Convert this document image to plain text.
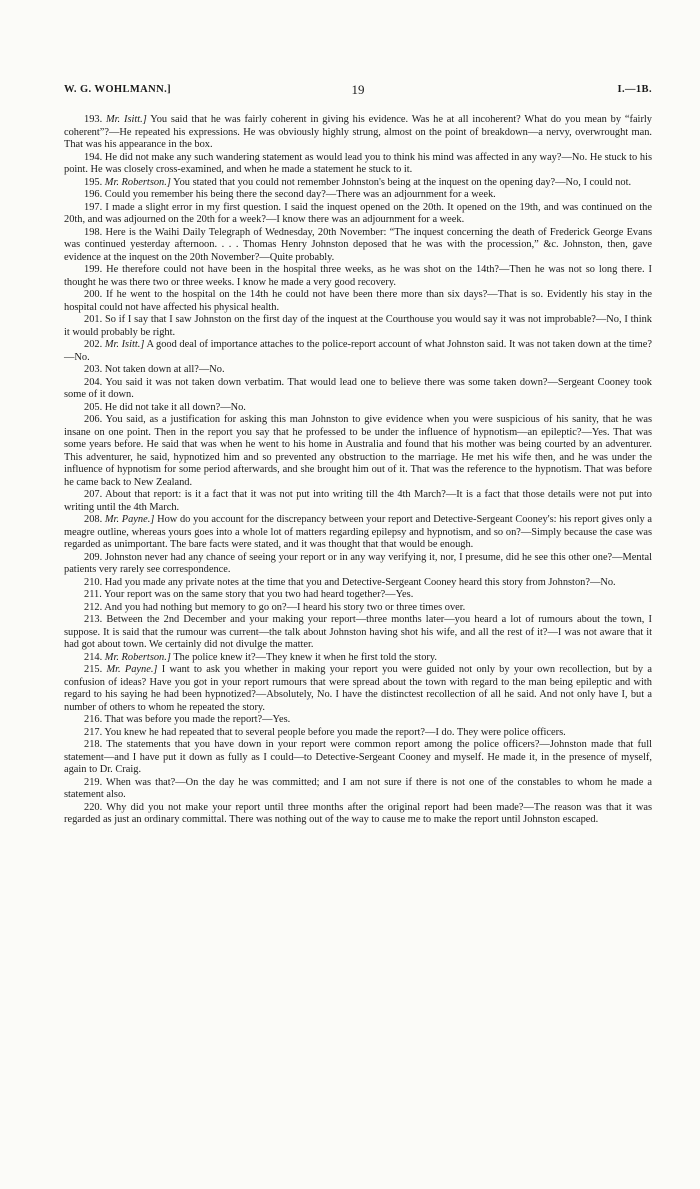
W. G. WOHLMANN.]	19	I.—1B.

193. Mr. Isitt.] You said that he was fairly coherent in giving his evidence. Was he at all incoherent? What do you mean by “fairly coherent”?—He repeated his expressions. He was obviously highly strung, almost on the point of breakdown—a nervy, overwrought man. That was his appearance in the box.

194. He did not make any such wandering statement as would lead you to think his mind was affected in any way?—No. He stuck to his point. He was closely cross-examined, and when he made a statement he stuck to it.

195. Mr. Robertson.] You stated that you could not remember Johnston's being at the inquest on the opening day?—No, I could not.

196. Could you remember his being there the second day?—There was an adjournment for a week.

197. I made a slight error in my first question. I said the inquest opened on the 20th. It opened on the 19th, and was continued on the 20th, and was adjourned on the 20th for a week?—I know there was an adjournment for a week.

198. Here is the Waihi Daily Telegraph of Wednesday, 20th November: “The inquest concerning the death of Frederick George Evans was continued yesterday afternoon. . . . Thomas Henry Johnston deposed that he was with the procession,” &c. Johnston, then, gave evidence at the inquest on the 20th November?—Quite probably.

199. He therefore could not have been in the hospital three weeks, as he was shot on the 14th?—Then he was not so long there. I thought he was there two or three weeks. I know he made a very good recovery.

200. If he went to the hospital on the 14th he could not have been there more than six days?—That is so. Evidently his stay in the hospital could not have affected his physical health.

201. So if I say that I saw Johnston on the first day of the inquest at the Courthouse you would say it was not improbable?—No, I think it would probably be right.

202. Mr. Isitt.] A good deal of importance attaches to the police-report account of what Johnston said. It was not taken down at the time?—No.

203. Not taken down at all?—No.

204. You said it was not taken down verbatim. That would lead one to believe there was some taken down?—Sergeant Cooney took some of it down.

205. He did not take it all down?—No.

206. You said, as a justification for asking this man Johnston to give evidence when you were suspicious of his sanity, that he was insane on one point. Then in the report you say that he professed to be under the influence of hypnotism—an epileptic?—Yes. That was some years before. He said that was when he went to his home in Australia and found that his mother was being courted by an adventurer. This adventurer, he said, hypnotized him and so prevented any obstruction to the marriage. He met his wife then, and he was under the influence of hypnotism for some period afterwards, and she brought him out of it. That was the reference to the hypnotism. That was before he came back to New Zealand.

207. About that report: is it a fact that it was not put into writing till the 4th March?—It is a fact that those details were not put into writing until the 4th March.

208. Mr. Payne.] How do you account for the discrepancy between your report and Detective-Sergeant Cooney's: his report gives only a meagre outline, whereas yours goes into a whole lot of matters regarding epilepsy and hypnotism, and so on?—Simply because the case was regarded as unimportant. The bare facts were stated, and it was thought that that would be enough.

209. Johnston never had any chance of seeing your report or in any way verifying it, nor, I presume, did he see this other one?—Mental patients very rarely see correspondence.

210. Had you made any private notes at the time that you and Detective-Sergeant Cooney heard this story from Johnston?—No.

211. Your report was on the same story that you two had heard together?—Yes.

212. And you had nothing but memory to go on?—I heard his story two or three times over.

213. Between the 2nd December and your making your report—three months later—you heard a lot of rumours about the town, I suppose. It is said that the rumour was current—the talk about Johnston having shot his wife, and all the rest of it?—I was not aware that it had got about town. We certainly did not divulge the matter.

214. Mr. Robertson.] The police knew it?—They knew it when he first told the story.

215. Mr. Payne.] I want to ask you whether in making your report you were guided not only by your own recollection, but by a confusion of ideas? Have you got in your report rumours that were spread about the town with regard to the man being epileptic and with regard to his saying he had been hypnotized?—Absolutely, No. I have the distinctest recollection of all he said. And not only have I, but a number of others to whom he repeated the story.

216. That was before you made the report?—Yes.

217. You knew he had repeated that to several people before you made the report?—I do. They were police officers.

218. The statements that you have down in your report were common report among the police officers?—Johnston made that full statement—and I have put it down as fully as I could—to Detective-Sergeant Cooney and myself. He made it, in the presence of myself, again to Dr. Craig.

219. When was that?—On the day he was committed; and I am not sure if there is not one of the constables to whom he made a statement also.

220. Why did you not make your report until three months after the original report had been made?—The reason was that it was regarded as just an ordinary committal. There was nothing out of the way to cause me to make the report until Johnston escaped.
